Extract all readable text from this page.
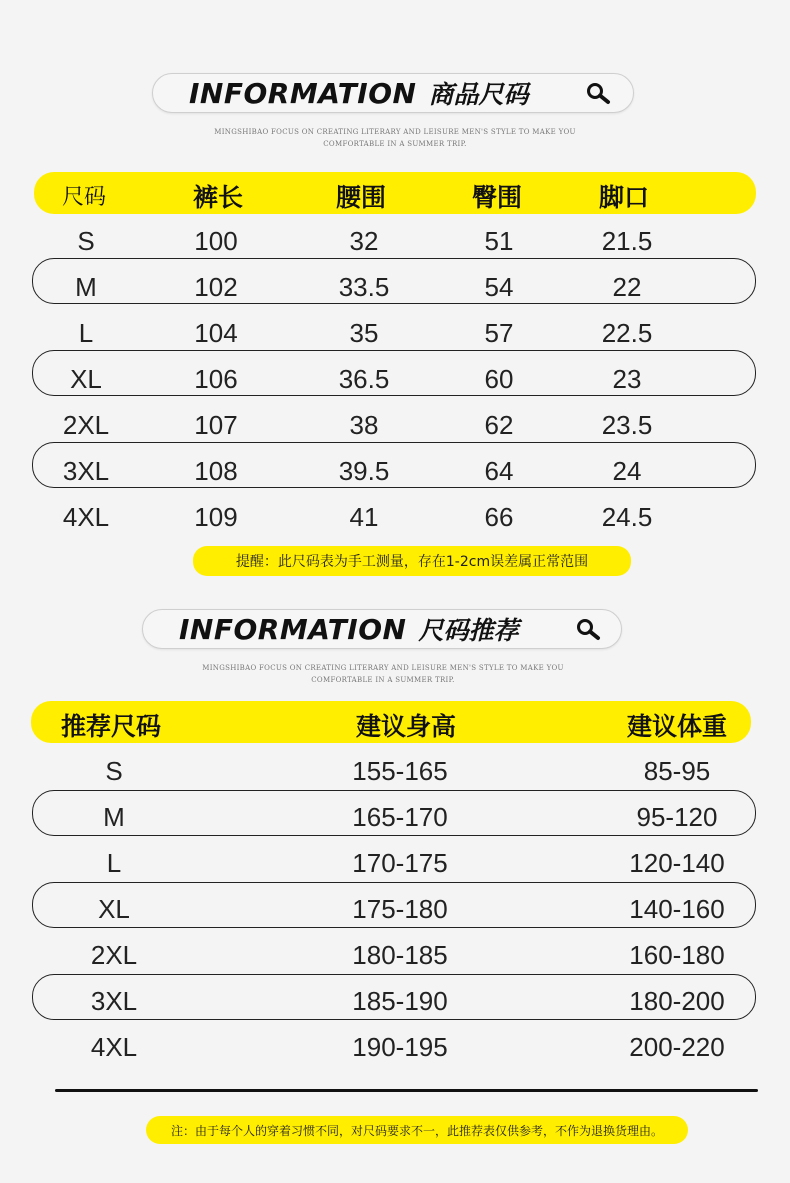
INFORMATION 商品尺码
MINGSHIBAO FOCUS ON CREATING LITERARY AND LEISURE MEN'S STYLE TO MAKE YOU
COMFORTABLE IN A SUMMER TRIP.
尺码	裤长	腰围	臀围	脚口
S	100	32	51	21.5
M	102	33.5	54	22
L	104	35	57	22.5
XL	106	36.5	60	23
2XL	107	38	62	23.5
3XL	108	39.5	64	24
4XL	109	41	66	24.5
提醒：此尺码表为手工测量，存在1-2cm误差属正常范围
INFORMATION 尺码推荐
MINGSHIBAO FOCUS ON CREATING LITERARY AND LEISURE MEN'S STYLE TO MAKE YOU
COMFORTABLE IN A SUMMER TRIP.
推荐尺码	建议身高	建议体重
S	155-165	85-95
M	165-170	95-120
L	170-175	120-140
XL	175-180	140-160
2XL	180-185	160-180
3XL	185-190	180-200
4XL	190-195	200-220
注：由于每个人的穿着习惯不同，对尺码要求不一，此推荐表仅供参考，不作为退换货理由。
